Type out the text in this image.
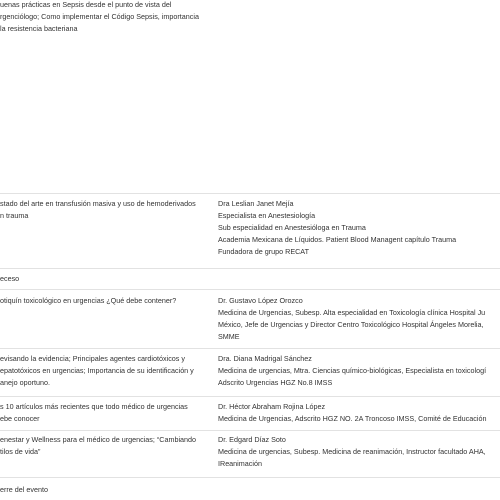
uenas prácticas en Sepsis desde el punto de vista del
rgenciólogo; Como implementar el Código Sepsis, importancia
la resistencia bacteriana
stado del arte en transfusión masiva y uso de hemoderivados
n trauma
Dra Leslian Janet Mejía
Especialista en Anestesiología
Sub especialidad en Anestesióloga en Trauma
Academia Mexicana de Líquidos. Patient Blood Managent capítulo Trauma
Fundadora de grupo RECAT
eceso
otiquín toxicológico en urgencias ¿Qué debe contener?	Dr. Gustavo López Orozco
Medicina de Urgencias, Subesp. Alta especialidad en Toxicología clínica Hospital Ju
México, Jefe de Urgencias y Director Centro Toxicológico Hospital Ángeles Morelia,
SMME
evisando la evidencia; Principales agentes cardiotóxicos y
epatotóxicos en urgencias; Importancia de su identificación y
anejo oportuno.
Dra. Diana Madrigal Sánchez
Medicina de urgencias, Mtra. Ciencias químico-biológicas, Especialista en toxicologí
Adscrito Urgencias HGZ No.8 IMSS
s 10 artículos más recientes que todo médico de urgencias
ebe conocer
Dr. Héctor Abraham Rojina López
Medicina de Urgencias, Adscrito HGZ NO. 2A Troncoso IMSS, Comité de Educación
enestar y Wellness para el médico de urgencias; “Cambiando
tilos de vida”
Dr. Edgard Díaz Soto
Medicina de urgencias, Subesp. Medicina de reanimación, Instructor facultado AHA,
IReanimación
erre del evento
